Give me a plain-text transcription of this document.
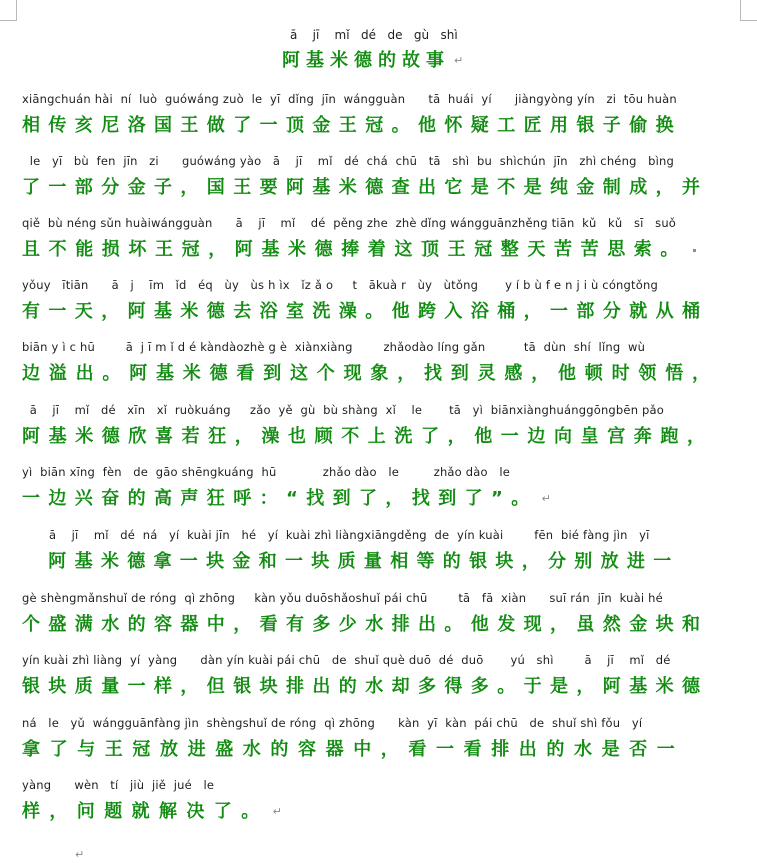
ā    jī    mǐ   dé   de   gù   shì
阿基米德的故事 ↵
xiāngchuán hài  ní  luò  guówáng zuò  le  yī  dǐng  jīn  wángguàn      tā  huái  yí      jiàngyòng yín   zi  tōu huàn
相传亥尼洛国王做了一顶金王冠。他怀疑工匠用银子偷换
le   yī   bù  fen  jīn   zi      guówáng yào   ā    jī    mǐ   dé  chá  chū   tā   shì  bu  shìchún  jīn   zhì chéng   bìng
了一部分金子，国王要阿基米德查出它是不是纯金制成，并
qiě  bù néng sǔn huàiwángguàn      ā    jī    mǐ    dé  pěng zhe  zhè dǐng wángguānzhěng tiān  kǔ   kǔ   sī   suǒ
且不能损坏王冠，阿基米德捧着这顶王冠整天苦苦思索。
yǒuy   ītiān      ā   j    īm   ǐd   éq   ùy   ùs h ìx   ǐz ǎ o     t   ākuà r   ùy   ùtǒng       y í b ù f e n j i ù cóngtǒng
有一天，阿基米德去浴室洗澡。他跨入浴桶，一部分就从桶
biān y ì c hū        ā  j ī m ǐ d é kàndàozhè g è  xiànxiàng        zhǎodào líng gǎn          tā  dùn  shí  lǐng  wù
边溢出。阿基米德看到这个现象，找到灵感，他顿时领悟，
ā    jī    mǐ   dé   xīn   xǐ  ruòkuáng     zǎo  yě  gù  bù shàng  xǐ    le       tā   yì  biānxiànghuánggōngbēn pǎo
阿基米德欣喜若狂，澡也顾不上洗了，他一边向皇宫奔跑，
yì  biān xīng  fèn   de  gāo shēngkuáng  hū            zhǎo dào   le         zhǎo dào   le
一边兴奋的高声狂呼：“找到了，找到了”。 ↵
ā    jī    mǐ   dé  ná   yí  kuài jīn   hé   yí  kuài zhì liàngxiāngděng  de  yín kuài        fēn  bié fàng jìn   yī
　阿基米德拿一块金和一块质量相等的银块，分别放进一
gè shèngmǎnshuǐ de róng  qì zhōng     kàn yǒu duōshǎoshuǐ pái chū        tā   fā  xiàn      suī rán  jīn  kuài hé
个盛满水的容器中，看有多少水排出。他发现，虽然金块和
yín kuài zhì liàng  yí  yàng      dàn yín kuài pái chū   de  shuǐ què duō  dé  duō       yú   shì        ā    jī    mǐ   dé
银块质量一样，但银块排出的水却多得多。于是，阿基米德
ná   le   yǔ  wángguānfàng jìn  shèngshuǐ de róng  qì zhōng      kàn  yī  kàn  pái chū   de  shuǐ shì fǒu   yí
拿了与王冠放进盛水的容器中，看一看排出的水是否一
yàng      wèn   tí   jiù  jiě  jué   le
样，问题就解决了。 ↵
↵
